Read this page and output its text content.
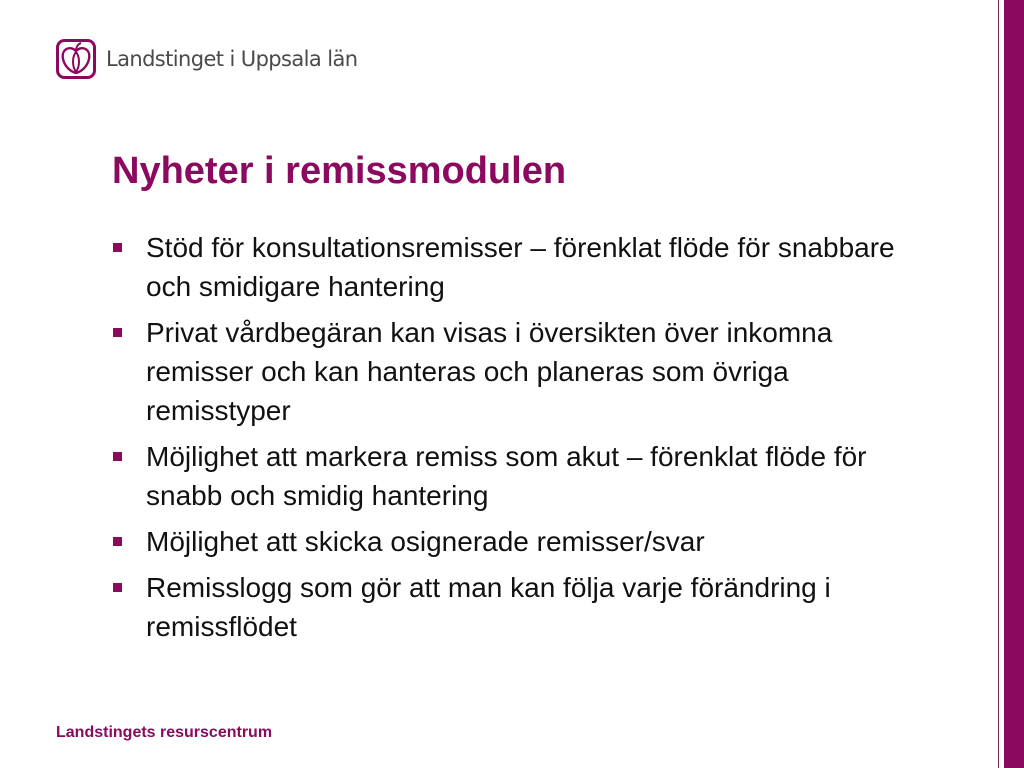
Landstinget i Uppsala län
Nyheter i remissmodulen
Stöd för konsultationsremisser – förenklat flöde för snabbare och smidigare hantering
Privat vårdbegäran kan visas i översikten över inkomna remisser och kan hanteras och planeras som övriga remisstyper
Möjlighet att markera remiss som akut – förenklat flöde för snabb och smidig hantering
Möjlighet att skicka osignerade remisser/svar
Remisslogg som gör att man kan följa varje förändring i remissflödet
Landstingets resurscentrum
